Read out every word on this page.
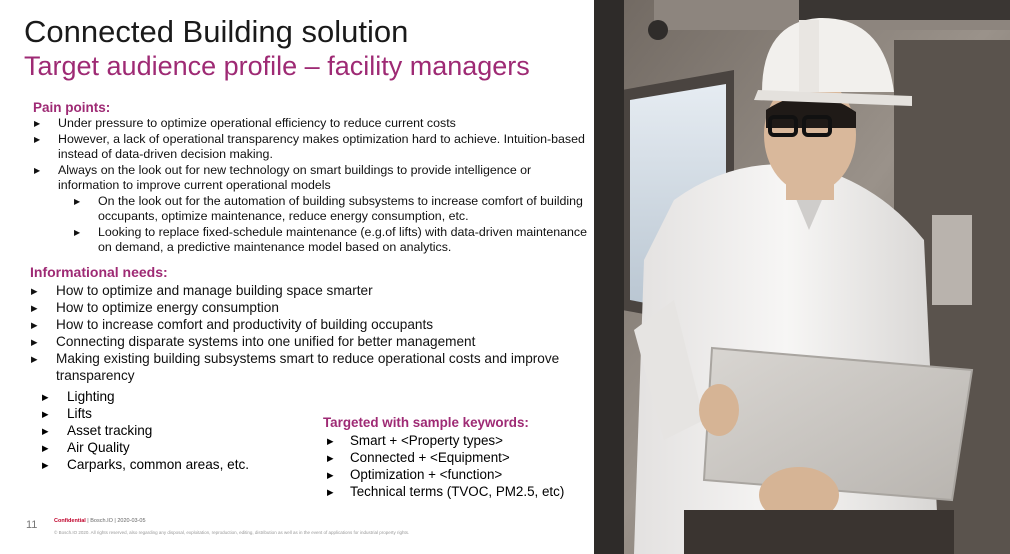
Connected Building solution
Target audience profile – facility managers
Pain points:
▶ Under pressure to optimize operational efficiency to reduce current costs
▶ However, a lack of operational transparency makes optimization hard to achieve. Intuition-based instead of data-driven decision making.
▶ Always on the look out for new technology on smart buildings to provide intelligence or information to improve current operational models
▶ On the look out for the automation of building subsystems to increase comfort of building occupants, optimize maintenance, reduce energy consumption, etc.
▶ Looking to replace fixed-schedule maintenance (e.g.of lifts) with data-driven maintenance on demand, a predictive maintenance model based on analytics.
Informational needs:
▶ How to optimize and manage building space smarter
▶ How to optimize energy consumption
▶ How to increase comfort and productivity of building occupants
▶ Connecting disparate systems into one unified for better management
▶ Making existing building subsystems smart to reduce operational costs and improve transparency
▶ Lighting
▶ Lifts
▶ Asset tracking
▶ Air Quality
▶ Carparks, common areas, etc.
Targeted with sample keywords:
▶ Smart + <Property types>
▶ Connected + <Equipment>
▶ Optimization + <function>
▶ Technical terms (TVOC, PM2.5, etc)
11	Confidential | Bosch.IO | 2020-03-05
© Bosch.IO 2020. All rights reserved, also regarding any disposal, exploitation, reproduction, editing, distribution as well as in the event of applications for industrial property rights.
